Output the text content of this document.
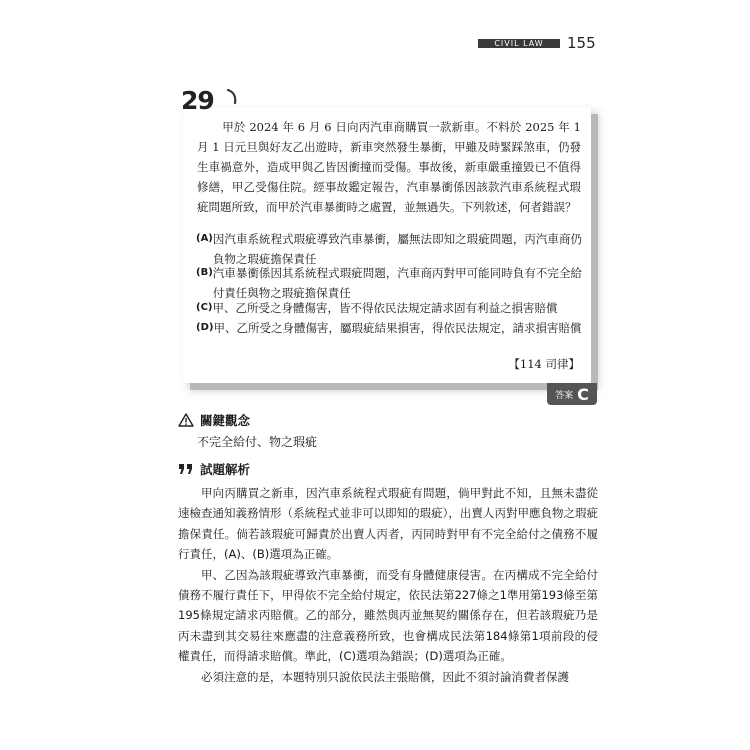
CIVIL LAW	155
29

甲於 2024 年 6 月 6 日向丙汽車商購買一款新車。不料於 2025 年 1 月 1 日元旦與好友乙出遊時，新車突然發生暴衝，甲雖及時緊踩煞車，仍發生車禍意外，造成甲與乙皆因衝撞而受傷。事故後，新車嚴重撞毀已不值得修繕，甲乙受傷住院。經事故鑑定報告，汽車暴衝係因該款汽車系統程式瑕疵問題所致，而甲於汽車暴衝時之處置，並無過失。下列敘述，何者錯誤？

(A) 因汽車系統程式瑕疵導致汽車暴衝，屬無法即知之瑕疵問題，丙汽車商仍負物之瑕疵擔保責任
(B) 汽車暴衝係因其系統程式瑕疵問題，汽車商丙對甲可能同時負有不完全給付責任與物之瑕疵擔保責任
(C) 甲、乙所受之身體傷害，皆不得依民法規定請求固有利益之損害賠償
(D) 甲、乙所受之身體傷害，屬瑕疵結果損害，得依民法規定，請求損害賠償
【114 司律】
答案 C
關鍵觀念
不完全給付、物之瑕疵
試題解析

甲向丙購買之新車，因汽車系統程式瑕疵有問題，倘甲對此不知，且無未盡從速檢查通知義務情形（系統程式並非可以即知的瑕疵），出賣人丙對甲應負物之瑕疵擔保責任。倘若該瑕疵可歸責於出賣人丙者，丙同時對甲有不完全給付之債務不履行責任，(A)、(B)選項為正確。

甲、乙因為該瑕疵導致汽車暴衝，而受有身體健康侵害。在丙構成不完全給付債務不履行責任下，甲得依不完全給付規定，依民法第227條之1準用第193條至第195條規定請求丙賠償。乙的部分，雖然與丙並無契約關係存在，但若該瑕疵乃是丙未盡到其交易往來應盡的注意義務所致，也會構成民法第184條第1項前段的侵權責任，而得請求賠償。準此，(C)選項為錯誤；(D)選項為正確。

必須注意的是，本題特別只說依民法主張賠償，因此不須討論消費者保護
